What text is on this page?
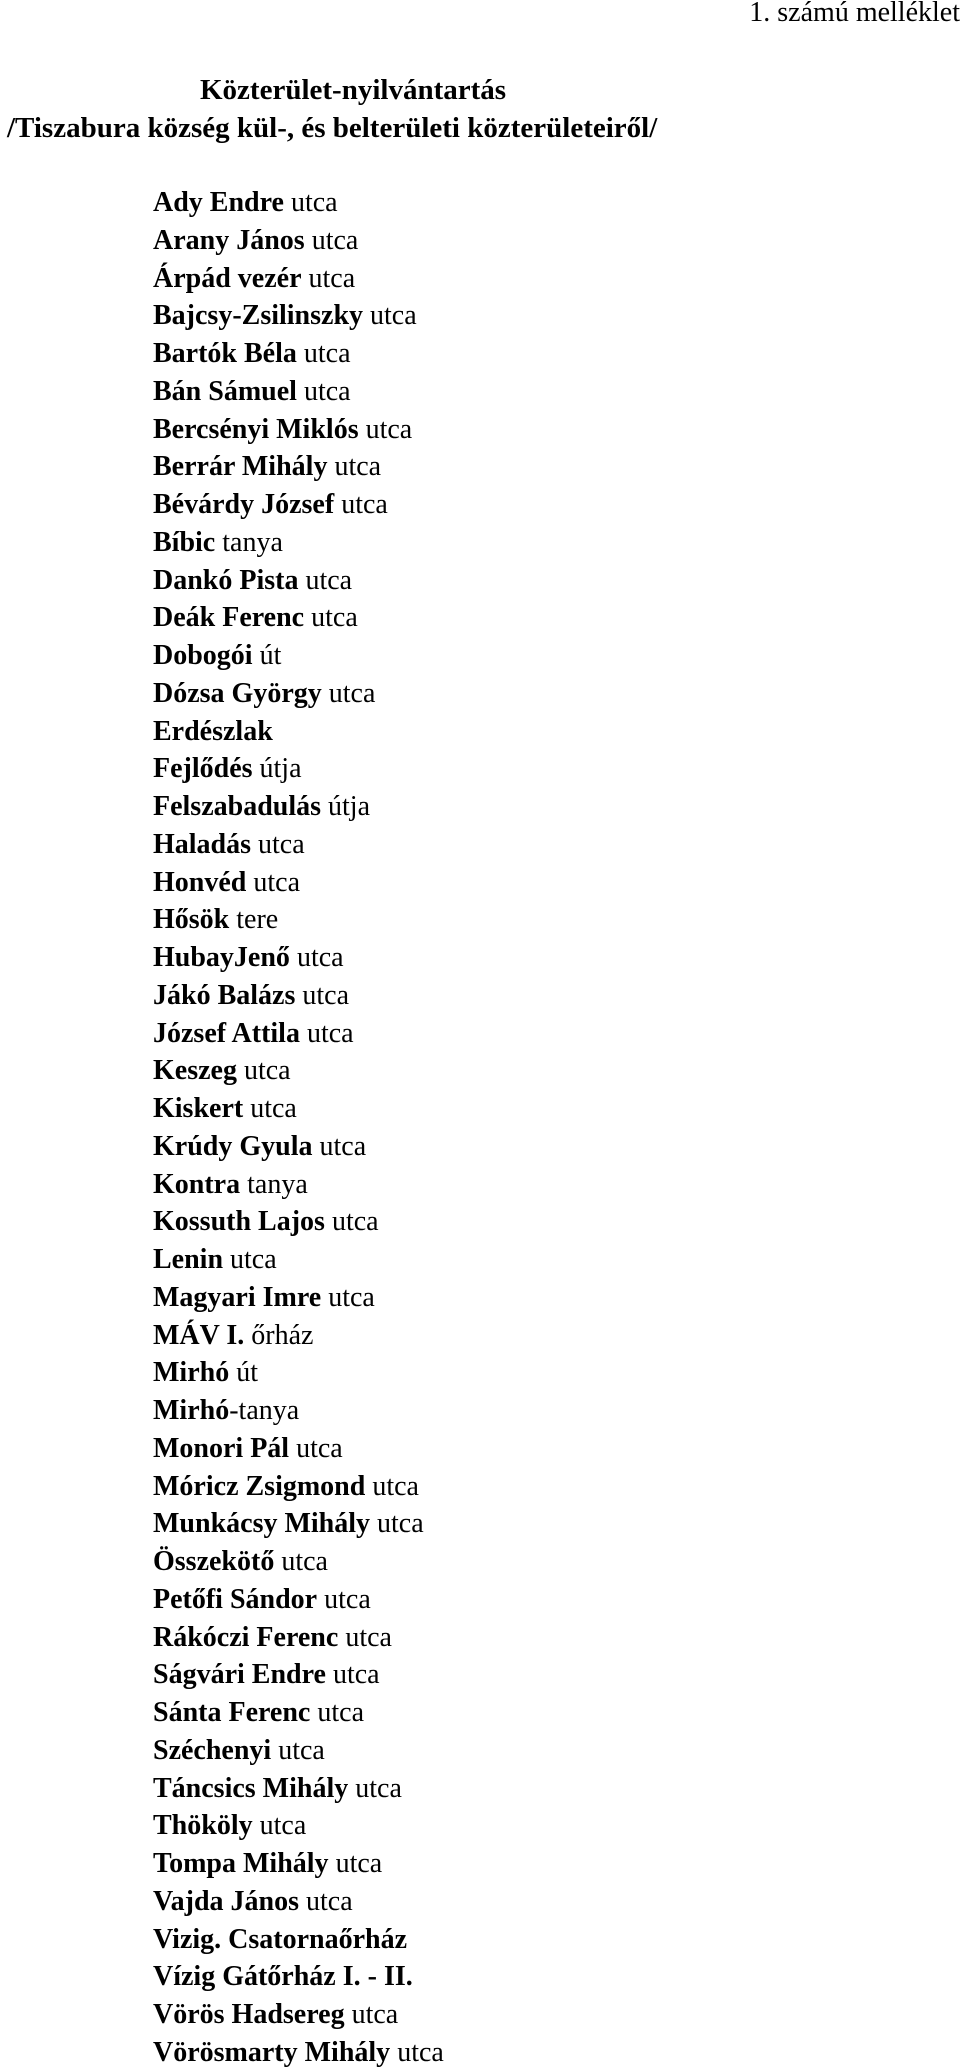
1. számú melléklet
Közterület-nyilvántartás
/Tiszabura község kül-, és belterületi közterületeiről/
Ady Endre utca
Arany János utca
Árpád vezér utca
Bajcsy-Zsilinszky utca
Bartók Béla utca
Bán Sámuel utca
Bercsényi Miklós utca
Berrár Mihály utca
Bévárdy József utca
Bíbic tanya
Dankó Pista utca
Deák Ferenc utca
Dobogói út
Dózsa György utca
Erdészlak
Fejlődés útja
Felszabadulás útja
Haladás utca
Honvéd utca
Hősök tere
HubayJenő utca
Jákó Balázs utca
József Attila utca
Keszeg utca
Kiskert utca
Krúdy Gyula utca
Kontra tanya
Kossuth Lajos utca
Lenin utca
Magyari Imre utca
MÁV I. őrház
Mirhó út
Mirhó-tanya
Monori Pál utca
Móricz Zsigmond utca
Munkácsy Mihály utca
Összekötő utca
Petőfi Sándor utca
Rákóczi Ferenc utca
Ságvári Endre utca
Sánta Ferenc utca
Széchenyi utca
Táncsics Mihály utca
Thököly utca
Tompa Mihály utca
Vajda János utca
Vizig. Csatornaőrház
Vízig Gátőrház I. - II.
Vörös Hadsereg utca
Vörösmarty Mihály utca
